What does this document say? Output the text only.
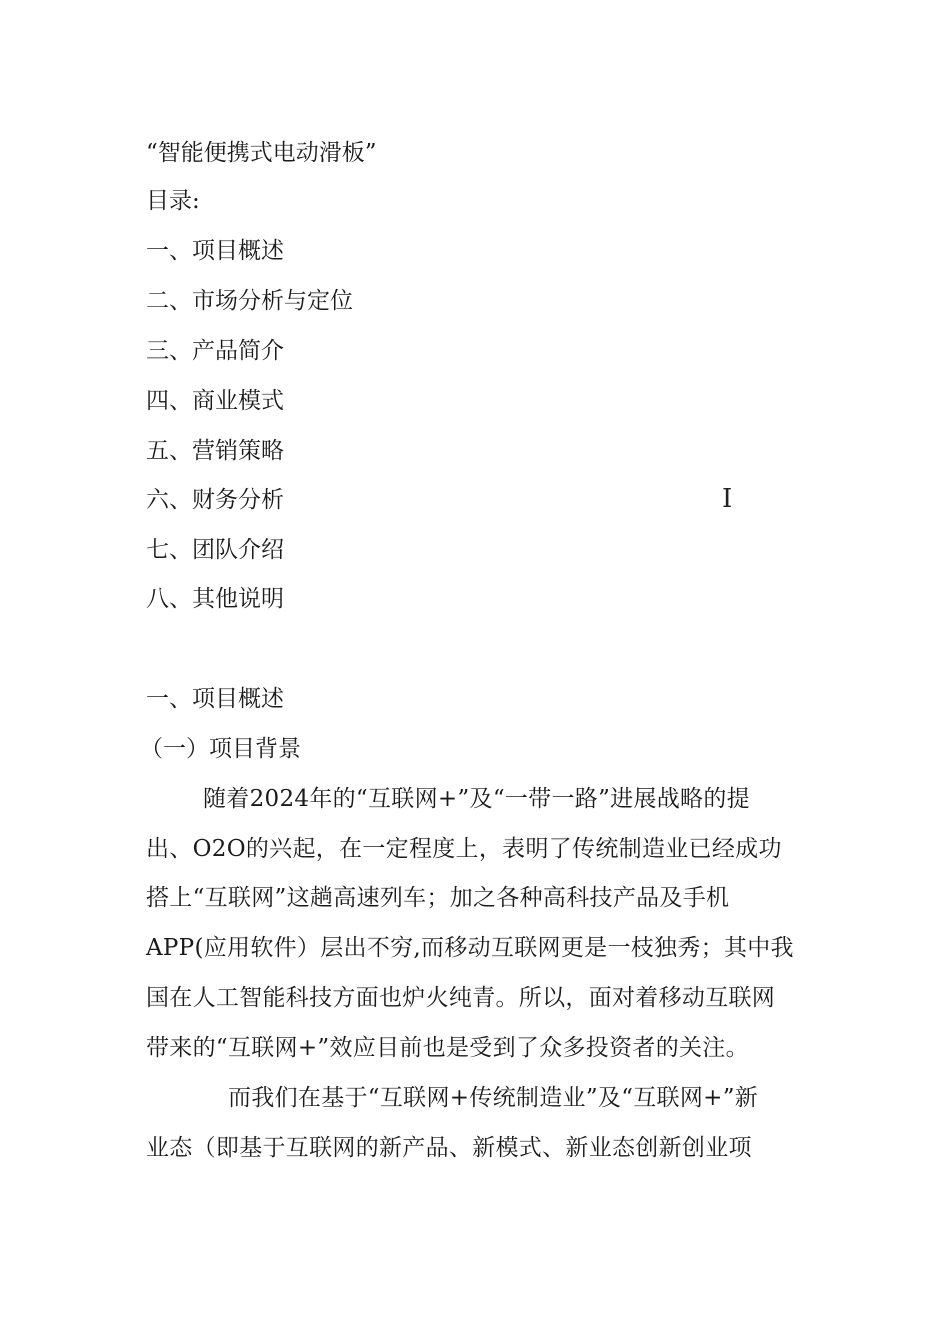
“智能便携式电动滑板”
目录:
一、项目概述
二、市场分析与定位
三、产品简介
四、商业模式
五、营销策略
六、财务分析
七、团队介绍
八、其他说明
I
一、项目概述
（一）项目背景
随着2024年的“互联网+”及“一带一路”进展战略的提
出、O2O的兴起，在一定程度上，表明了传统制造业已经成功
搭上“互联网”这趟高速列车；加之各种高科技产品及手机
APP(应用软件）层出不穷,而移动互联网更是一枝独秀；其中我
国在人工智能科技方面也炉火纯青。所以，面对着移动互联网
带来的“互联网+”效应目前也是受到了众多投资者的关注。
而我们在基于“互联网+传统制造业”及“互联网+”新
业态（即基于互联网的新产品、新模式、新业态创新创业项
